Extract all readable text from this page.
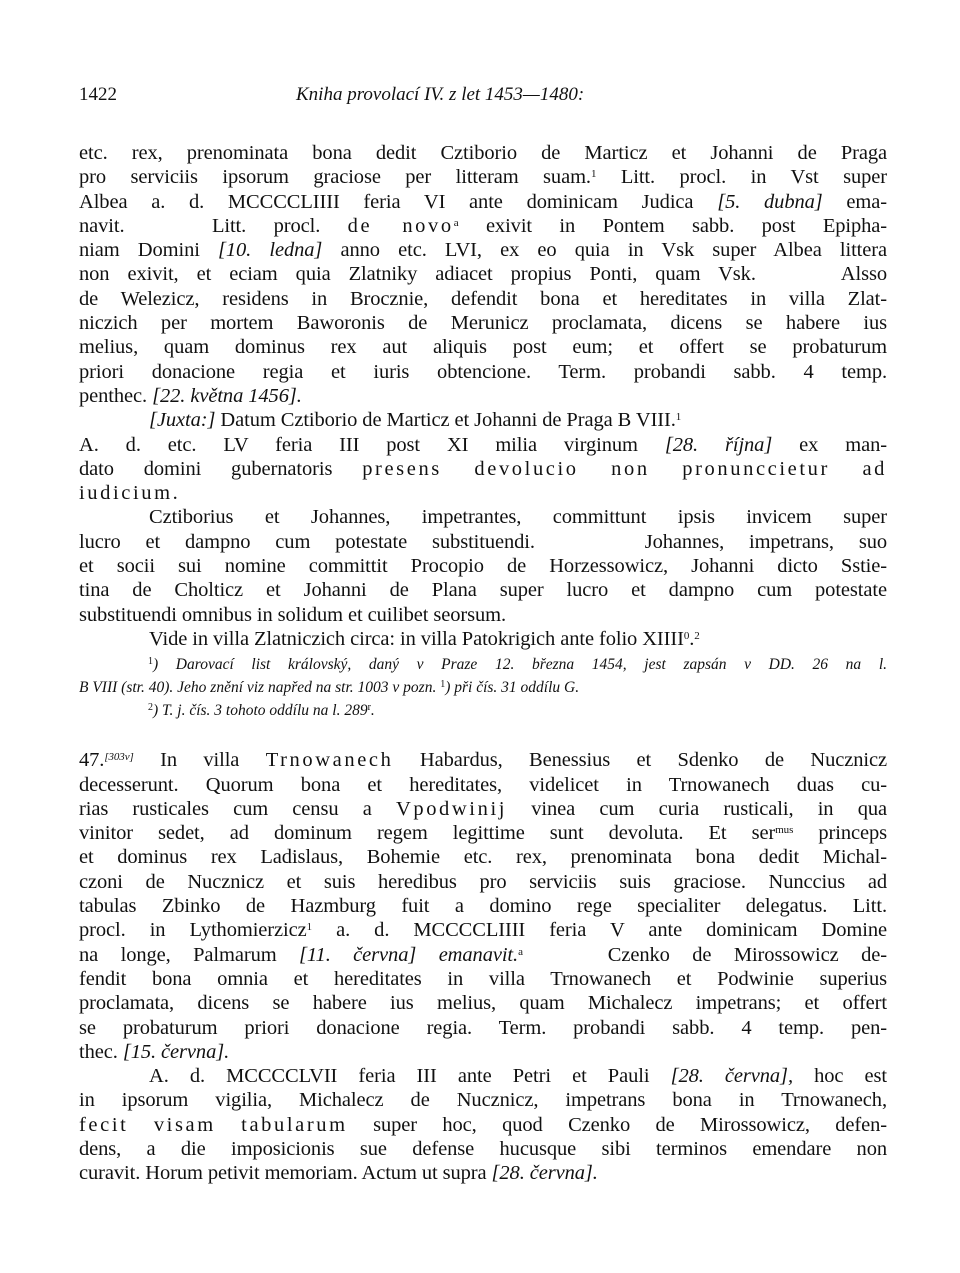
1422	Kniha provolací IV. z let 1453—1480:
etc. rex, prenominata bona dedit Cztiborio de Marticz et Johanni de Praga
pro serviciis ipsorum graciose per litteram suam.$^1$ Litt. procl. in Vst super
Albea a. d. MCCCCLIIII feria VI ante dominicam Judica [5. dubna] ema-
navit.	Litt. procl. de novo$^a$ exivit in Pontem sabb. post Epipha-
niam Domini [10. ledna] anno etc. LVI, ex eo quia in Vsk super Albea littera
non exivit, et eciam quia Zlatniky adiacet propius Ponti, quam Vsk.	Alsso
de Welezicz, residens in Brocznie, defendit bona et hereditates in villa Zlat-
niczich per mortem Baworonis de Merunicz proclamata, dicens se habere ius
melius, quam dominus rex aut aliquis post eum; et offert se probaturum
priori donacione regia et iuris obtencione. Term. probandi sabb. 4 temp.
penthec. [22. května 1456].
[Juxta:] Datum Cztiborio de Marticz et Johanni de Praga B VIII.$^1$
A. d. etc. LV feria III post XI milia virginum [28. října] ex man-
dato domini gubernatoris presens devolucio non pronunccietur ad
iudicium.
Cztiborius et Johannes, impetrantes, committunt ipsis invicem super
lucro et dampno cum potestate substituendi.	Johannes, impetrans, suo
et socii sui nomine committit Procopio de Horzessowicz, Johanni dicto Sstie-
tina de Cholticz et Johanni de Plana super lucro et dampno cum potestate
substituendi omnibus in solidum et cuilibet seorsum.
Vide in villa Zlatniczich circa: in villa Patokrigich ante folio XIIII$^0$.$^2$
$^1$) Darovací list královský, daný v Praze 12. března 1454, jest zapsán v DD. 26 na l.
B VIII (str. 40). Jeho znění viz napřed na str. 1003 v pozn. $^1$) při čís. 31 oddílu G.
$^2$) T. j. čís. 3 tohoto oddílu na l. 289$^r$.
47.[303v] In villa Trnowanech Habardus, Benessius et Sdenko de Nucznicz
decesserunt. Quorum bona et hereditates, videlicet in Trnowanech duas cu-
rias rusticales cum censu a Vpodwinij vinea cum curia rusticali, in qua
vinitor sedet, ad dominum regem legittime sunt devoluta. Et ser$^{mus}$ princeps
et dominus rex Ladislaus, Bohemie etc. rex, prenominata bona dedit Michal-
czoni de Nucznicz et suis heredibus pro serviciis suis graciose. Nunccius ad
tabulas Zbinko de Hazmburg fuit a domino rege specialiter delegatus. Litt.
procl. in Lythomierzicz$^1$ a. d. MCCCCLIIII feria V ante dominicam Domine
na longe, Palmarum [11. června] emanavit.$^a$	Czenko de Mirossowicz de-
fendit bona omnia et hereditates in villa Trnowanech et Podwinie superius
proclamata, dicens se habere ius melius, quam Michalecz impetrans; et offert
se probaturum priori donacione regia. Term. probandi sabb. 4 temp. pen-
thec. [15. června].
A. d. MCCCCLVII feria III ante Petri et Pauli [28. června], hoc est
in ipsorum vigilia, Michalecz de Nucznicz, impetrans bona in Trnowanech,
fecit visam tabularum super hoc, quod Czenko de Mirossowicz, defen-
dens, a die imposicionis sue defense hucusque sibi terminos emendare non
curavit. Horum petivit memoriam. Actum ut supra [28. června].
